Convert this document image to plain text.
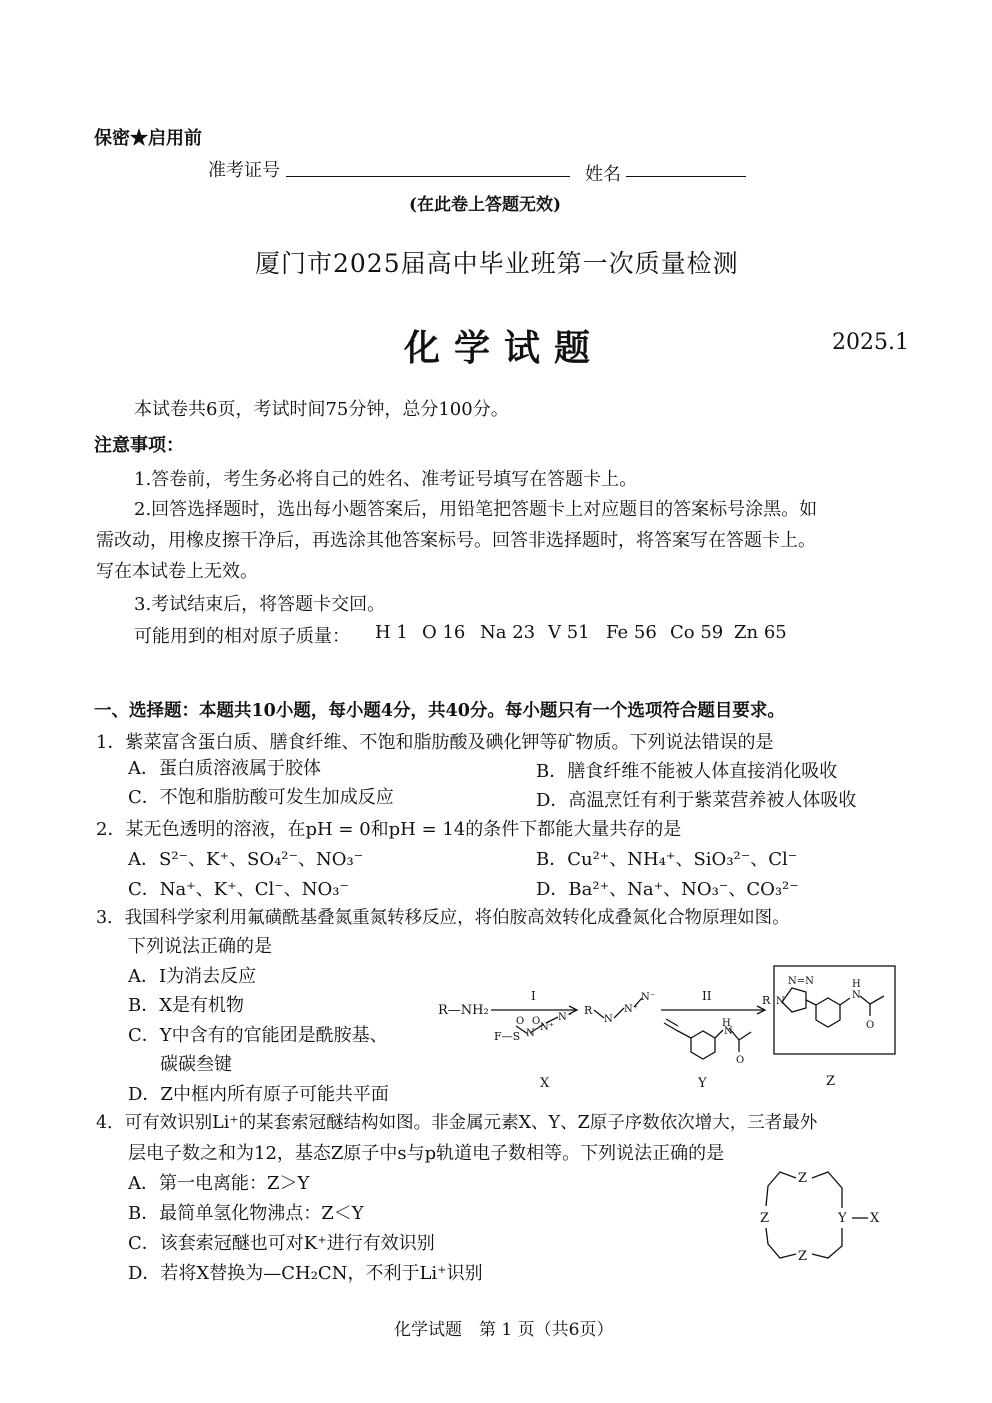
保密★启用前
准考证号	姓名
(在此卷上答题无效)
厦门市2025届高中毕业班第一次质量检测
化学试题	2025.1
本试卷共6页，考试时间75分钟，总分100分。
注意事项：
1.答卷前，考生务必将自己的姓名、准考证号填写在答题卡上。
2.回答选择题时，选出每小题答案后，用铅笔把答题卡上对应题目的答案标号涂黑。如
需改动，用橡皮擦干净后，再选涂其他答案标号。回答非选择题时，将答案写在答题卡上。
写在本试卷上无效。
3.考试结束后，将答题卡交回。
可能用到的相对原子质量： H 1 O 16 Na 23 V 51 Fe 56 Co 59 Zn 65
一、选择题：本题共10小题，每小题4分，共40分。每小题只有一个选项符合题目要求。
1．紫菜富含蛋白质、膳食纤维、不饱和脂肪酸及碘化钾等矿物质。下列说法错误的是
A．蛋白质溶液属于胶体	B．膳食纤维不能被人体直接消化吸收
C．不饱和脂肪酸可发生加成反应	D．高温烹饪有利于紫菜营养被人体吸收
2．某无色透明的溶液，在pH = 0和pH = 14的条件下都能大量共存的是
A．S²⁻、K⁺、SO₄²⁻、NO₃⁻	B．Cu²⁺、NH₄⁺、SiO₃²⁻、Cl⁻
C．Na⁺、K⁺、Cl⁻、NO₃⁻	D．Ba²⁺、Na⁺、NO₃⁻、CO₃²⁻
3．我国科学家利用氟磺酰基叠氮重氮转移反应，将伯胺高效转化成叠氮化合物原理如图。
下列说法正确的是
A．I为消去反应
B．X是有机物
C．Y中含有的官能团是酰胺基、
碳碳叁键
D．Z中框内所有原子可能共平面
R—NH₂
I	II
F—S
O O
N
N⁺
N⁻
R
N
N⁺
N⁻
H
N
O
R N
N=N	H
N
O
X	Y	Z
4．可有效识别Li⁺的某套索冠醚结构如图。非金属元素X、Y、Z原子序数依次增大，三者最外
层电子数之和为12，基态Z原子中s与p轨道电子数相等。下列说法正确的是
A．第一电离能：Z＞Y
B．最简单氢化物沸点：Z＜Y
C．该套索冠醚也可对K⁺进行有效识别
D．若将X替换为—CH₂CN，不利于Li⁺识别
Z
Z
Z
Y X
化学试题　第 1 页（共6页）
